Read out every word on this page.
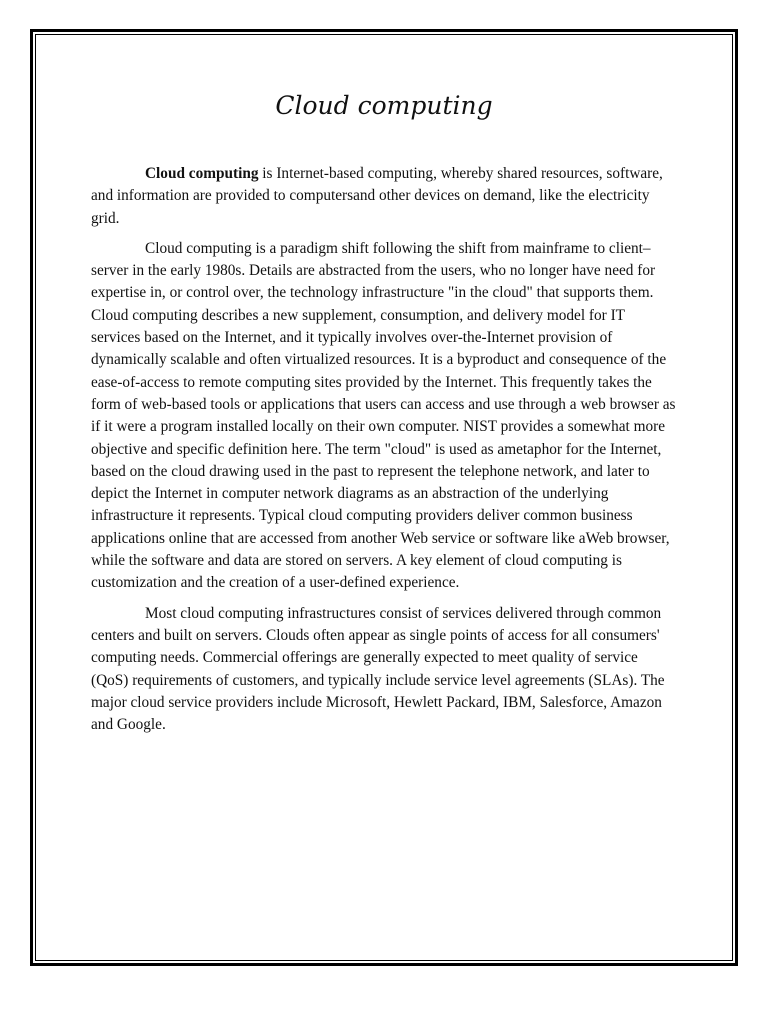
Cloud computing

Cloud computing is Internet-based computing, whereby shared resources, software, and information are provided to computersand other devices on demand, like the electricity grid.

Cloud computing is a paradigm shift following the shift from mainframe to client–server in the early 1980s. Details are abstracted from the users, who no longer have need for expertise in, or control over, the technology infrastructure "in the cloud" that supports them. Cloud computing describes a new supplement, consumption, and delivery model for IT services based on the Internet, and it typically involves over-the-Internet provision of dynamically scalable and often virtualized resources. It is a byproduct and consequence of the ease-of-access to remote computing sites provided by the Internet. This frequently takes the form of web-based tools or applications that users can access and use through a web browser as if it were a program installed locally on their own computer. NIST provides a somewhat more objective and specific definition here. The term "cloud" is used as ametaphor for the Internet, based on the cloud drawing used in the past to represent the telephone network, and later to depict the Internet in computer network diagrams as an abstraction of the underlying infrastructure it represents. Typical cloud computing providers deliver common business applications online that are accessed from another Web service or software like aWeb browser, while the software and data are stored on servers. A key element of cloud computing is customization and the creation of a user-defined experience.

Most cloud computing infrastructures consist of services delivered through common centers and built on servers. Clouds often appear as single points of access for all consumers' computing needs. Commercial offerings are generally expected to meet quality of service (QoS) requirements of customers, and typically include service level agreements (SLAs). The major cloud service providers include Microsoft, Hewlett Packard, IBM, Salesforce, Amazon and Google.
